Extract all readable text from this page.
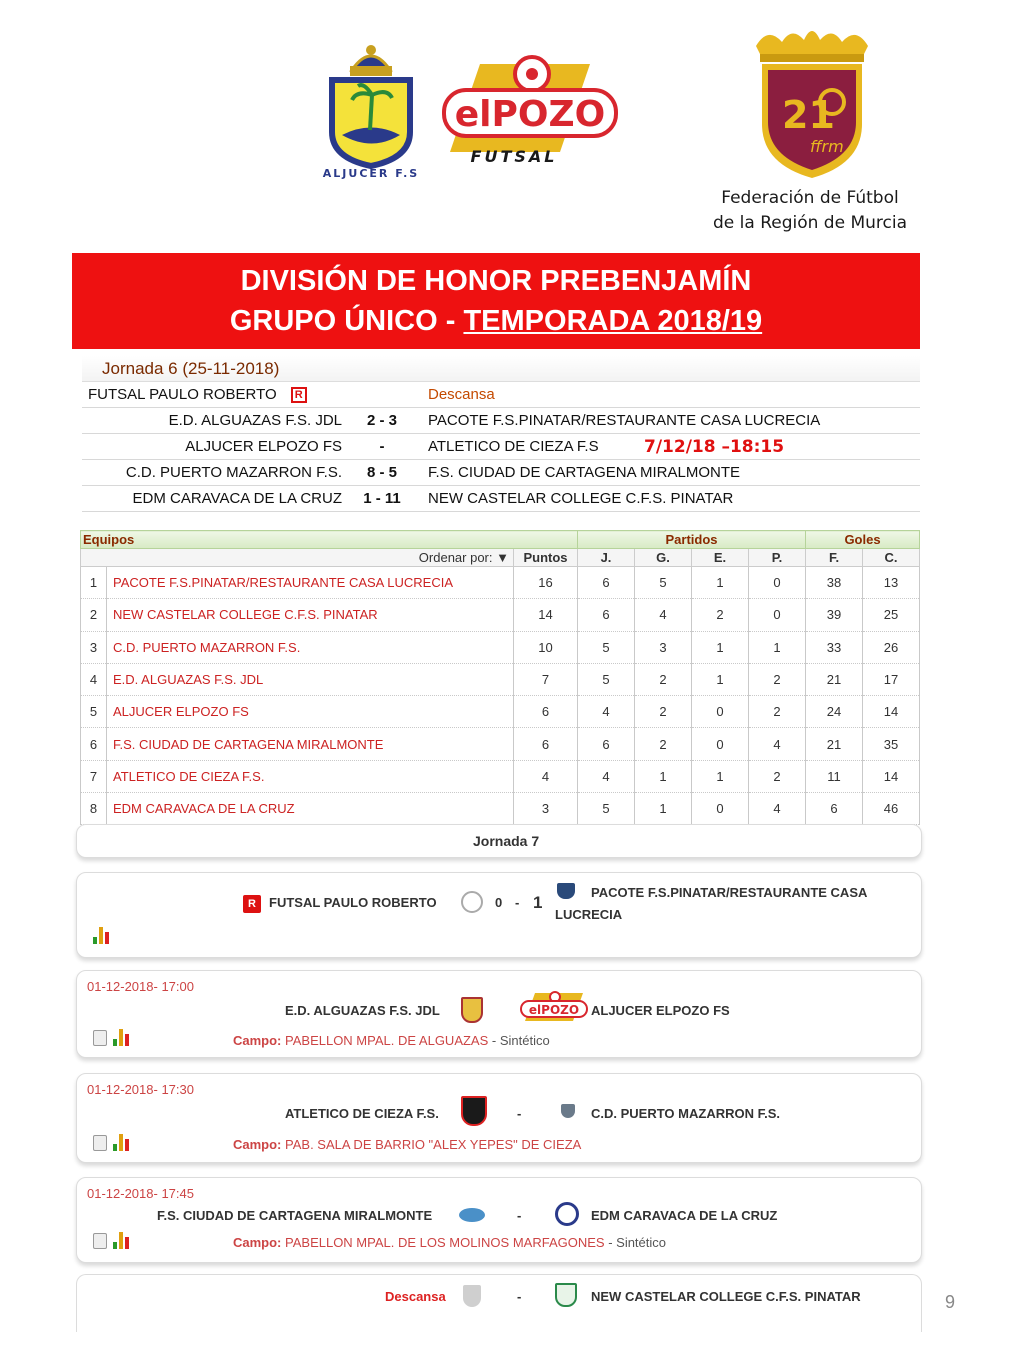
ALJUCER F.S
elPOZO
FUTSAL
21
ffrm
Federación de Fútbol
de la Región de Murcia
DIVISIÓN DE HONOR PREBENJAMÍN
GRUPO ÚNICO - TEMPORADA 2018/19
Jornada 6 (25-11-2018)
FUTSAL PAULO ROBERTO R	Descansa
E.D. ALGUAZAS F.S. JDL	2 - 3	PACOTE F.S.PINATAR/RESTAURANTE CASA LUCRECIA
ALJUCER ELPOZO FS	-	ATLETICO DE CIEZA F.S	7/12/18 –18:15
C.D. PUERTO MAZARRON F.S.	8 - 5	F.S. CIUDAD DE CARTAGENA MIRALMONTE
EDM CARAVACA DE LA CRUZ	1 - 11	NEW CASTELAR COLLEGE C.F.S. PINATAR
Equipos			Partidos				Goles	
Ordenar por: ▼		Puntos	J.	G.	E.	P.	F.	C.
1	PACOTE F.S.PINATAR/RESTAURANTE CASA LUCRECIA	16	6	5	1	0	38	13
2	NEW CASTELAR COLLEGE C.F.S. PINATAR	14	6	4	2	0	39	25
3	C.D. PUERTO MAZARRON F.S.	10	5	3	1	1	33	26
4	E.D. ALGUAZAS F.S. JDL	7	5	2	1	2	21	17
5	ALJUCER ELPOZO FS	6	4	2	0	2	24	14
6	F.S. CIUDAD DE CARTAGENA MIRALMONTE	6	6	2	0	4	21	35
7	ATLETICO DE CIEZA F.S.	4	4	1	1	2	11	14
8	EDM CARAVACA DE LA CRUZ	3	5	1	0	4	6	46
Jornada 7
R	FUTSAL PAULO ROBERTO	0 - 1
PACOTE F.S.PINATAR/RESTAURANTE CASA
LUCRECIA
01-12-2018- 17:00
E.D. ALGUAZAS F.S. JDL	elPOZO ALJUCER ELPOZO FS
Campo: PABELLON MPAL. DE ALGUAZAS - Sintético
01-12-2018- 17:30
ATLETICO DE CIEZA F.S.	-	C.D. PUERTO MAZARRON F.S.
Campo: PAB. SALA DE BARRIO "ALEX YEPES" DE CIEZA
01-12-2018- 17:45
F.S. CIUDAD DE CARTAGENA MIRALMONTE	-	EDM CARAVACA DE LA CRUZ
Campo: PABELLON MPAL. DE LOS MOLINOS MARFAGONES - Sintético
Descansa	-	NEW CASTELAR COLLEGE C.F.S. PINATAR	9
